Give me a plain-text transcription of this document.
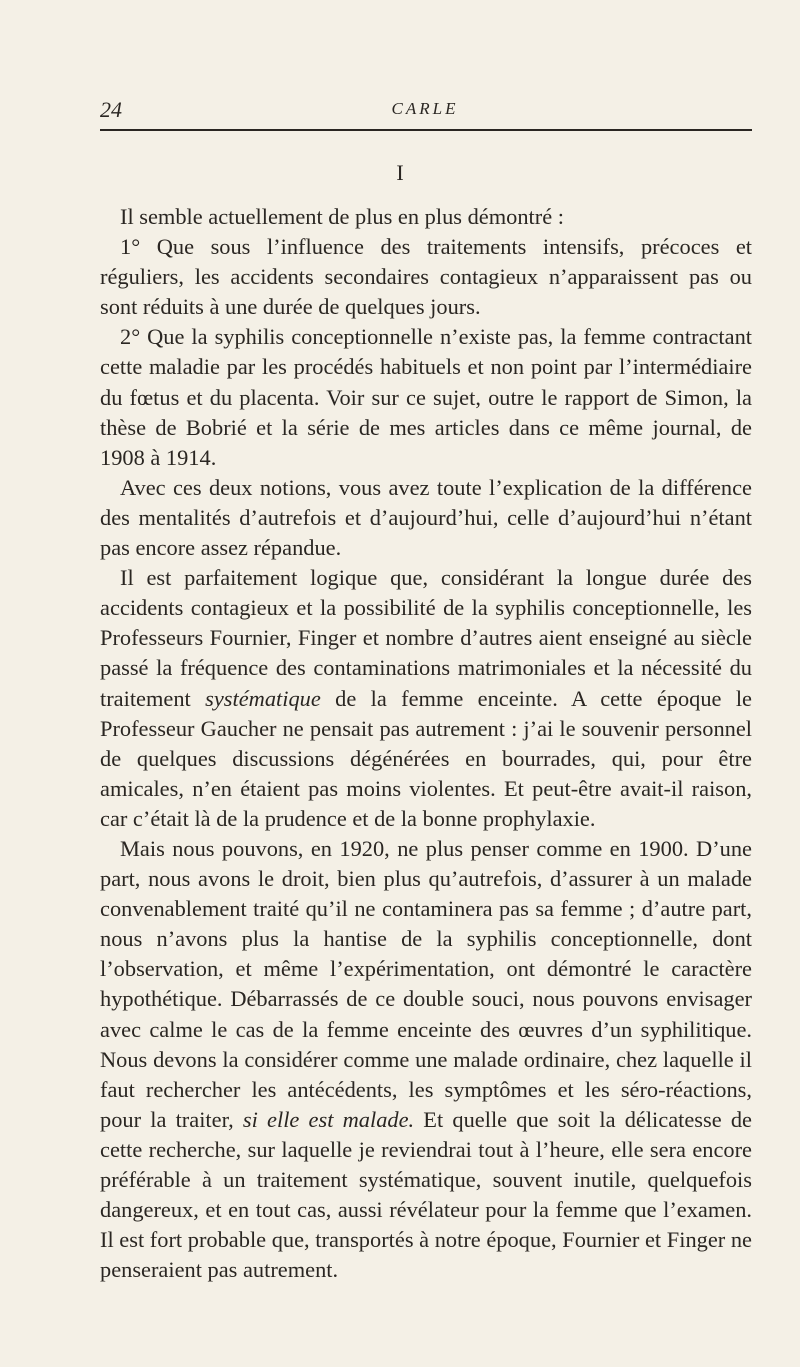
24	CARLE
I

Il semble actuellement de plus en plus démontré :

1° Que sous l’influence des traitements intensifs, précoces et réguliers, les accidents secondaires contagieux n’apparaissent pas ou sont réduits à une durée de quelques jours.

2° Que la syphilis conceptionnelle n’existe pas, la femme contractant cette maladie par les procédés habituels et non point par l’intermédiaire du fœtus et du placenta. Voir sur ce sujet, outre le rapport de Simon, la thèse de Bobrié et la série de mes articles dans ce même journal, de 1908 à 1914.

Avec ces deux notions, vous avez toute l’explication de la différence des mentalités d’autrefois et d’aujourd’hui, celle d’aujourd’hui n’étant pas encore assez répandue.

Il est parfaitement logique que, considérant la longue durée des accidents contagieux et la possibilité de la syphilis conceptionnelle, les Professeurs Fournier, Finger et nombre d’autres aient enseigné au siècle passé la fréquence des contaminations matrimoniales et la nécessité du traitement systématique de la femme enceinte. A cette époque le Professeur Gaucher ne pensait pas autrement : j’ai le souvenir personnel de quelques discussions dégénérées en bourrades, qui, pour être amicales, n’en étaient pas moins violentes. Et peut-être avait-il raison, car c’était là de la prudence et de la bonne prophylaxie.

Mais nous pouvons, en 1920, ne plus penser comme en 1900. D’une part, nous avons le droit, bien plus qu’autrefois, d’assurer à un malade convenablement traité qu’il ne contaminera pas sa femme ; d’autre part, nous n’avons plus la hantise de la syphilis conceptionnelle, dont l’observation, et même l’expérimentation, ont démontré le caractère hypothétique. Débarrassés de ce double souci, nous pouvons envisager avec calme le cas de la femme enceinte des œuvres d’un syphilitique. Nous devons la considérer comme une malade ordinaire, chez laquelle il faut rechercher les antécédents, les symptômes et les séro-réactions, pour la traiter, si elle est malade. Et quelle que soit la délicatesse de cette recherche, sur laquelle je reviendrai tout à l’heure, elle sera encore préférable à un traitement systématique, souvent inutile, quelquefois dangereux, et en tout cas, aussi révélateur pour la femme que l’examen. Il est fort probable que, transportés à notre époque, Fournier et Finger ne penseraient pas autrement.
